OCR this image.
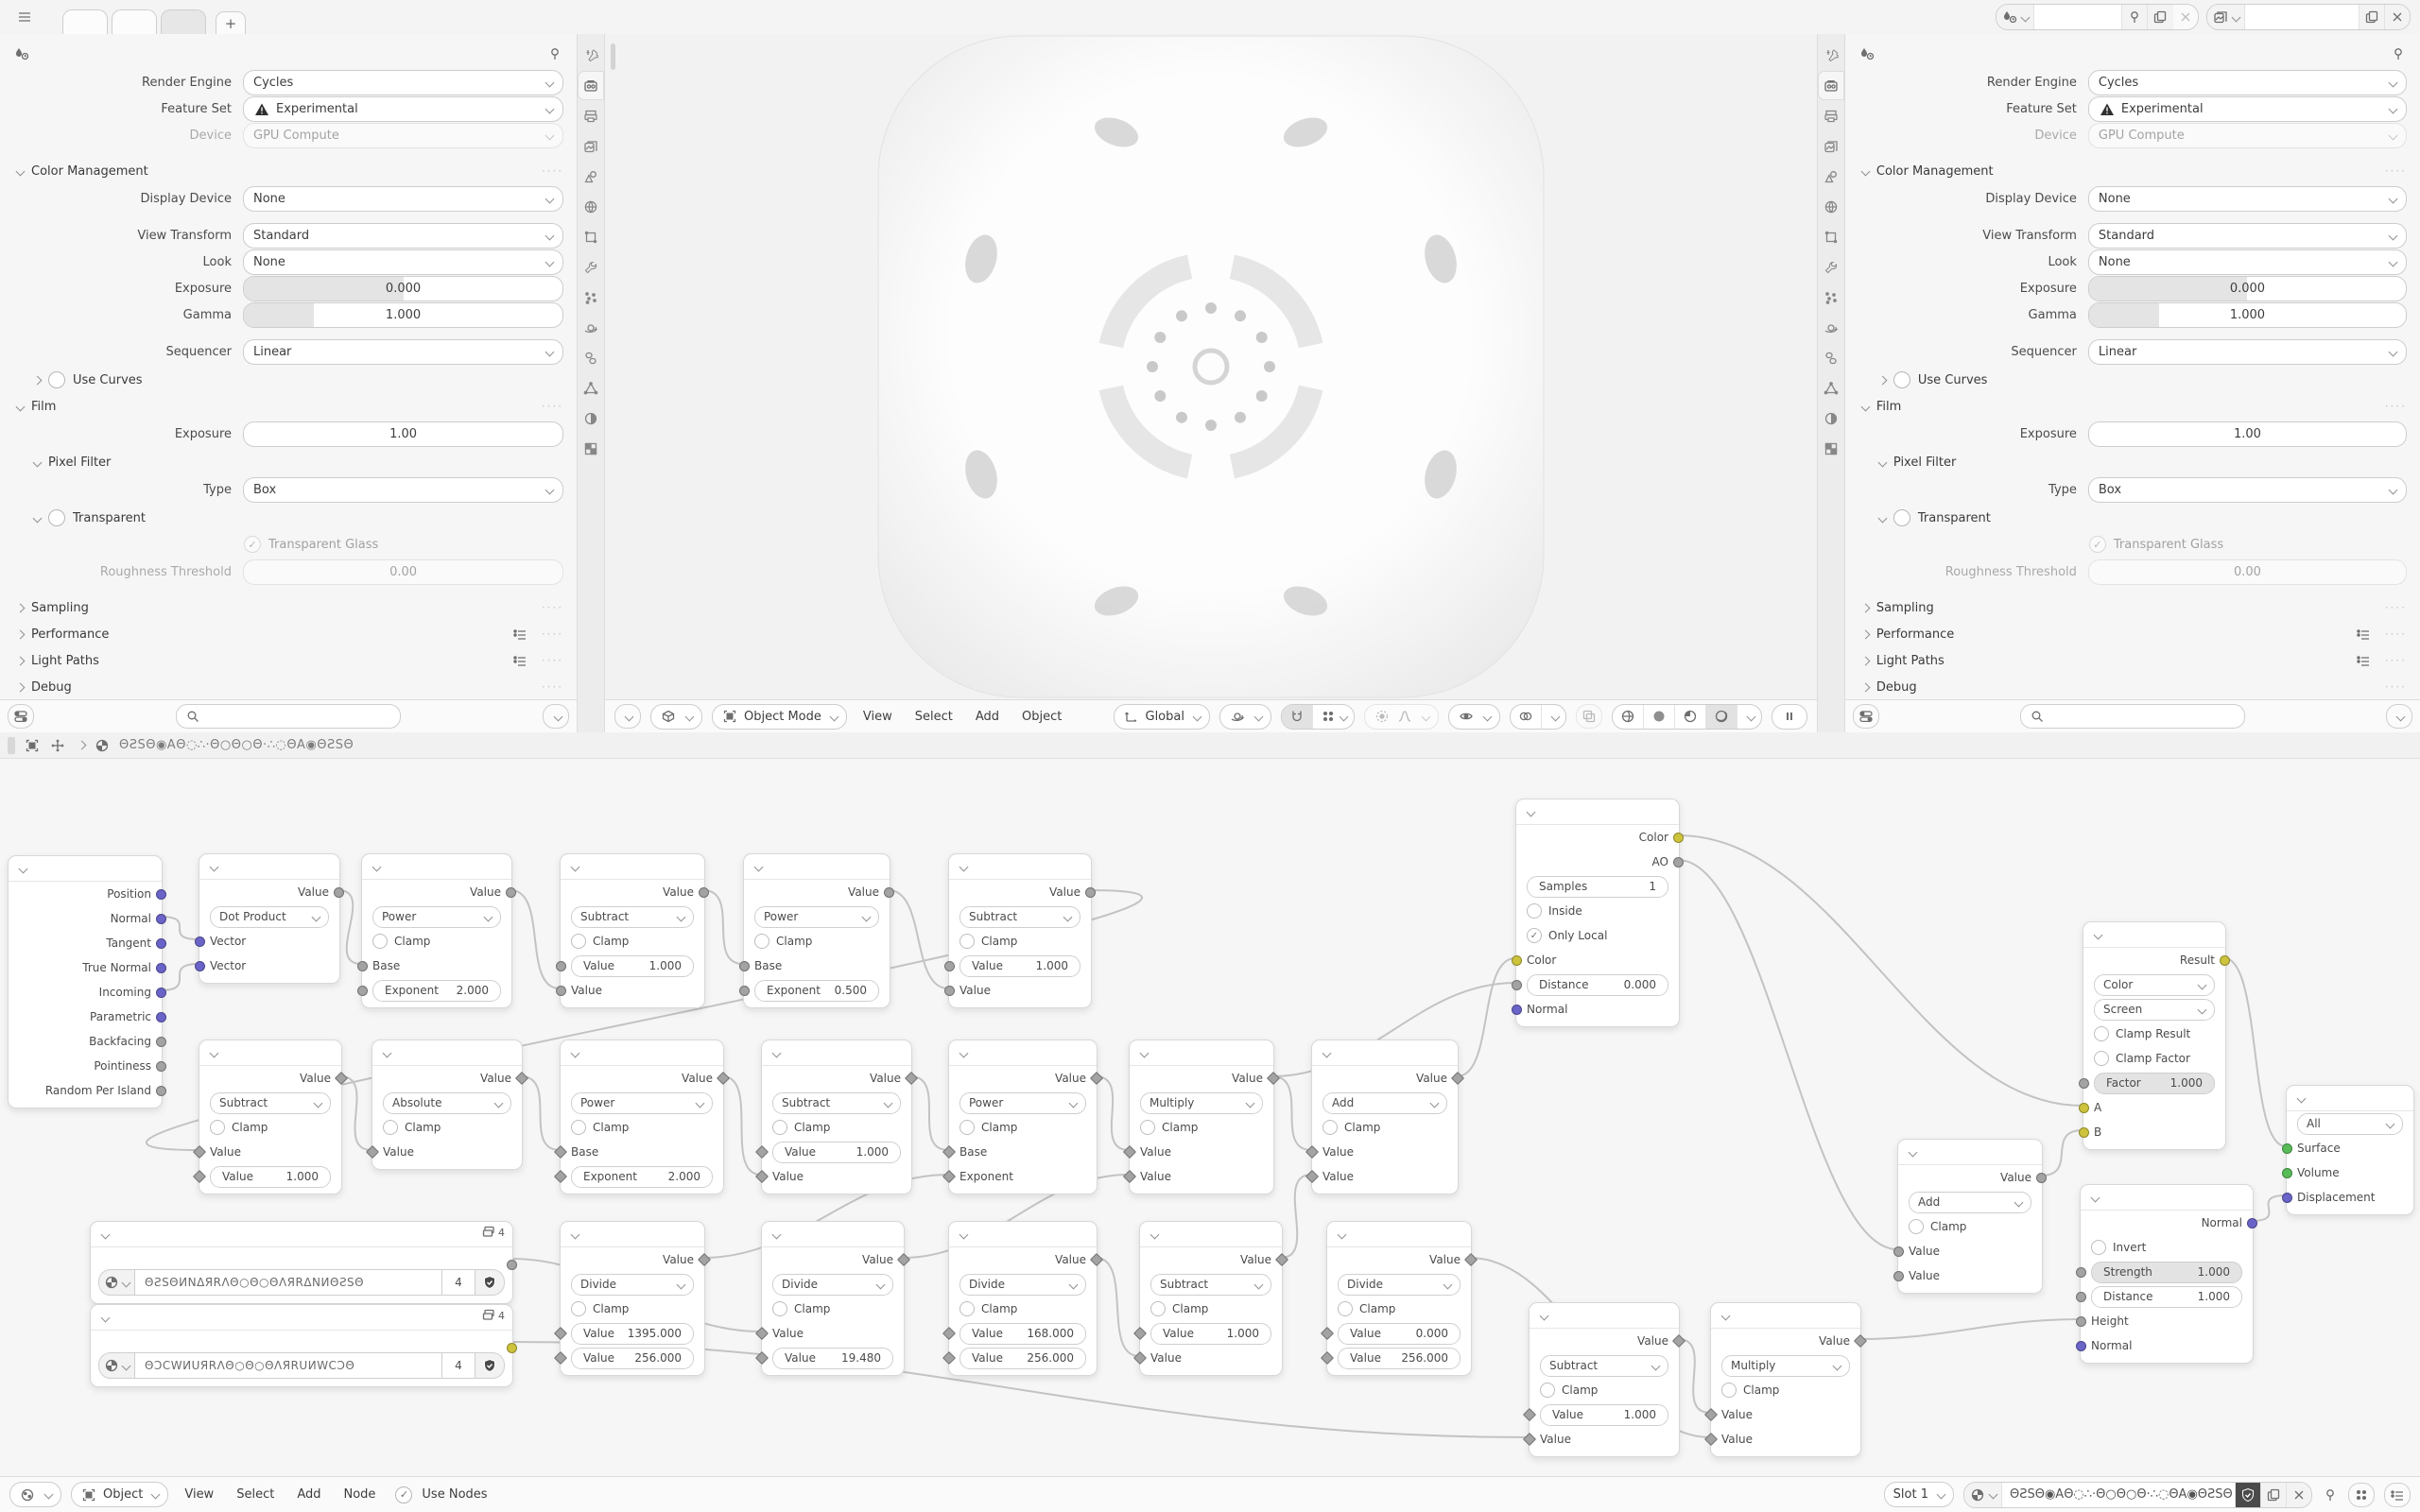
+
Render Engine	Cycles
Feature Set	Experimental
Device	GPU Compute
Color Management	····
Display Device	None
View Transform	Standard
Look	None
Exposure	0.000
Gamma	1.000
Sequencer	Linear
Use Curves
Film	····
Exposure	1.00
Pixel Filter
Type	Box
Transparent
✓ Transparent Glass
Roughness Threshold	0.00
Sampling	····
Performance	····
Light Paths	····
Debug	····
Object Mode	View	Select	Add	Object	Global
Render Engine	Cycles
Feature Set	Experimental
Device	GPU Compute
Color Management	····
Display Device	None
View Transform	Standard
Look	None
Exposure	0.000
Gamma	1.000
Sequencer	Linear
Use Curves
Film	····
Exposure	1.00
Pixel Filter
Type	Box
Transparent
✓ Transparent Glass
Roughness Threshold	0.00
Sampling	····
Performance	····
Light Paths	····
Debug	····
ΘƧSΘ◉ΑΘ◌∴·Θ○Θ○Θ·∴◌ΘΑ◉ΘƧSΘ
Object	View	Select	Add	Node	✓	Use Nodes	Slot 1	ΘƧSΘ◉ΑΘ◌∴·Θ○Θ○Θ·∴◌ΘΑ◉ΘƧSΘ
Position
Normal
Tangent
True Normal
Incoming
Parametric
Backfacing
Pointiness
Random Per Island
Value
Dot Product
Vector
Vector
Value
Power
Clamp
Base
Exponent	2.000
Value
Subtract
Clamp
Value	1.000
Value
Value
Power
Clamp
Base
Exponent	0.500
Value
Subtract
Clamp
Value	1.000
Value
Value
Subtract
Clamp
Value
Value	1.000
Value
Absolute
Clamp
Value
Value
Power
Clamp
Base
Exponent	2.000
Value
Subtract
Clamp
Value	1.000
Value
Value
Power
Clamp
Base
Exponent
Value
Multiply
Clamp
Value
Value
Value
Add
Clamp
Value
Value
4
ΘƧSΘИNΔЯRΛΘ○Θ○ΘΛЯRΔNИΘƧSΘ	4
4
ΘƆϹWИUЯRΛΘ○Θ○ΘΛЯRUИWϹƆΘ	4
Value
Divide
Clamp
Value	1395.000
Value	256.000
Value
Divide
Clamp
Value
Value	19.480
Value
Divide
Clamp
Value	168.000
Value	256.000
Value
Subtract
Clamp
Value	1.000
Value
Value
Divide
Clamp
Value	0.000
Value	256.000
Value
Subtract
Clamp
Value	1.000
Value
Value
Multiply
Clamp
Value
Value
Color
AO
Samples	1
Inside
✓ Only Local
Color
Distance	0.000
Normal
Value
Add
Clamp
Value
Value
Result
Color
Screen
Clamp Result
Clamp Factor
Factor	1.000
A
B
Normal
Invert
Strength	1.000
Distance	1.000
Height
Normal
All
Surface
Volume
Displacement
